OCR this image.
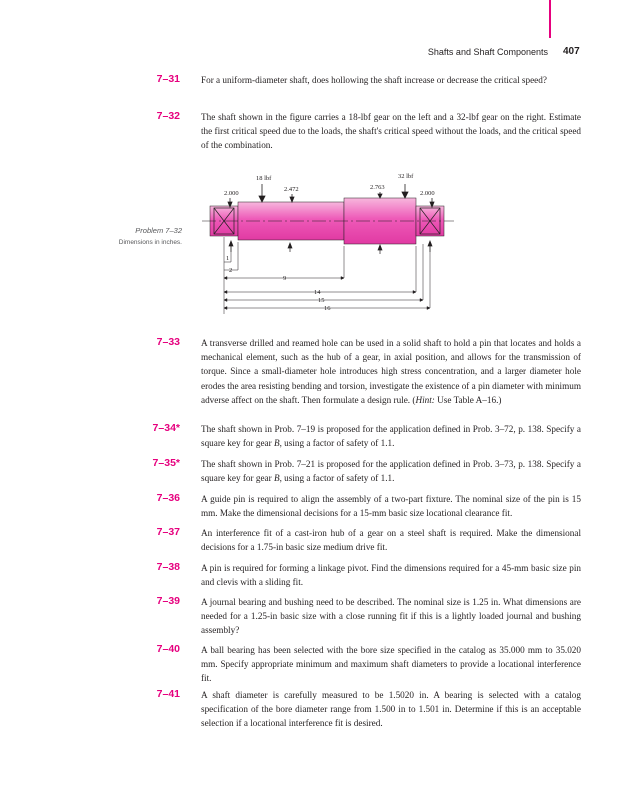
Shafts and Shaft Components 407
7–31 For a uniform-diameter shaft, does hollowing the shaft increase or decrease the critical speed?
7–32 The shaft shown in the figure carries a 18-lbf gear on the left and a 32-lbf gear on the right. Estimate the first critical speed due to the loads, the shaft's critical speed without the loads, and the critical speed of the combination.
Problem 7–32
Dimensions in inches.
18 lbf	32 lbf
2.000
2.472	2.763
2.000
1
2
9
14
15
16
7–33 A transverse drilled and reamed hole can be used in a solid shaft to hold a pin that locates and holds a mechanical element, such as the hub of a gear, in axial position, and allows for the transmission of torque. Since a small-diameter hole introduces high stress concentration, and a larger diameter hole erodes the area resisting bending and torsion, investigate the existence of a pin diameter with minimum adverse affect on the shaft. Then formulate a design rule. (Hint: Use Table A–16.)
7–34* The shaft shown in Prob. 7–19 is proposed for the application defined in Prob. 3–72, p. 138. Specify a square key for gear B, using a factor of safety of 1.1.
7–35* The shaft shown in Prob. 7–21 is proposed for the application defined in Prob. 3–73, p. 138. Specify a square key for gear B, using a factor of safety of 1.1.
7–36 A guide pin is required to align the assembly of a two-part fixture. The nominal size of the pin is 15 mm. Make the dimensional decisions for a 15-mm basic size locational clearance fit.
7–37 An interference fit of a cast-iron hub of a gear on a steel shaft is required. Make the dimensional decisions for a 1.75-in basic size medium drive fit.
7–38 A pin is required for forming a linkage pivot. Find the dimensions required for a 45-mm basic size pin and clevis with a sliding fit.
7–39 A journal bearing and bushing need to be described. The nominal size is 1.25 in. What dimensions are needed for a 1.25-in basic size with a close running fit if this is a lightly loaded journal and bushing assembly?
7–40 A ball bearing has been selected with the bore size specified in the catalog as 35.000 mm to 35.020 mm. Specify appropriate minimum and maximum shaft diameters to provide a locational interference fit.
7–41 A shaft diameter is carefully measured to be 1.5020 in. A bearing is selected with a catalog specification of the bore diameter range from 1.500 in to 1.501 in. Determine if this is an acceptable selection if a locational interference fit is desired.
